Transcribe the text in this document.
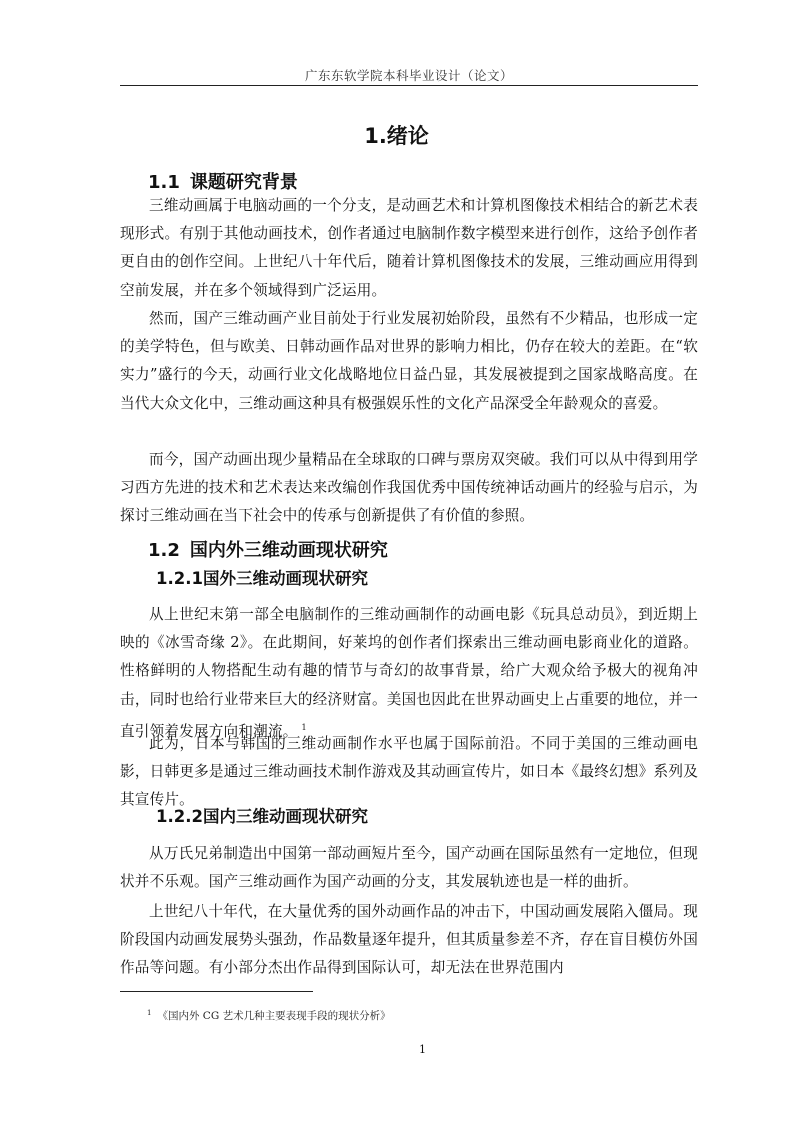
广东东软学院本科毕业设计（论文）
1.绪论
1.1 课题研究背景

三维动画属于电脑动画的一个分支，是动画艺术和计算机图像技术相结合的新艺术表现形式。有别于其他动画技术，创作者通过电脑制作数字模型来进行创作，这给予创作者更自由的创作空间。上世纪八十年代后，随着计算机图像技术的发展，三维动画应用得到空前发展，并在多个领域得到广泛运用。

然而，国产三维动画产业目前处于行业发展初始阶段，虽然有不少精品，也形成一定的美学特色，但与欧美、日韩动画作品对世界的影响力相比，仍存在较大的差距。在“软实力”盛行的今天，动画行业文化战略地位日益凸显，其发展被提到之国家战略高度。在当代大众文化中，三维动画这种具有极强娱乐性的文化产品深受全年龄观众的喜爱。

而今，国产动画出现少量精品在全球取的口碑与票房双突破。我们可以从中得到用学习西方先进的技术和艺术表达来改编创作我国优秀中国传统神话动画片的经验与启示，为探讨三维动画在当下社会中的传承与创新提供了有价值的参照。

1.2 国内外三维动画现状研究
1.2.1国外三维动画现状研究

从上世纪末第一部全电脑制作的三维动画制作的动画电影《玩具总动员》，到近期上映的《冰雪奇缘 2》。在此期间，好莱坞的创作者们探索出三维动画电影商业化的道路。性格鲜明的人物搭配生动有趣的情节与奇幻的故事背景，给广大观众给予极大的视角冲击，同时也给行业带来巨大的经济财富。美国也因此在世界动画史上占重要的地位，并一直引领着发展方向和潮流。 $^1$

此为，日本与韩国的三维动画制作水平也属于国际前沿。不同于美国的三维动画电影，日韩更多是通过三维动画技术制作游戏及其动画宣传片，如日本《最终幻想》系列及其宣传片。

1.2.2国内三维动画现状研究

从万氏兄弟制造出中国第一部动画短片至今，国产动画在国际虽然有一定地位，但现状并不乐观。国产三维动画作为国产动画的分支，其发展轨迹也是一样的曲折。

上世纪八十年代，在大量优秀的国外动画作品的冲击下，中国动画发展陷入僵局。现阶段国内动画发展势头强劲，作品数量逐年提升，但其质量参差不齐，存在盲目模仿外国作品等问题。有小部分杰出作品得到国际认可，却无法在世界范围内

$^1$ 《国内外 CG 艺术几种主要表现手段的现状分析》
1
